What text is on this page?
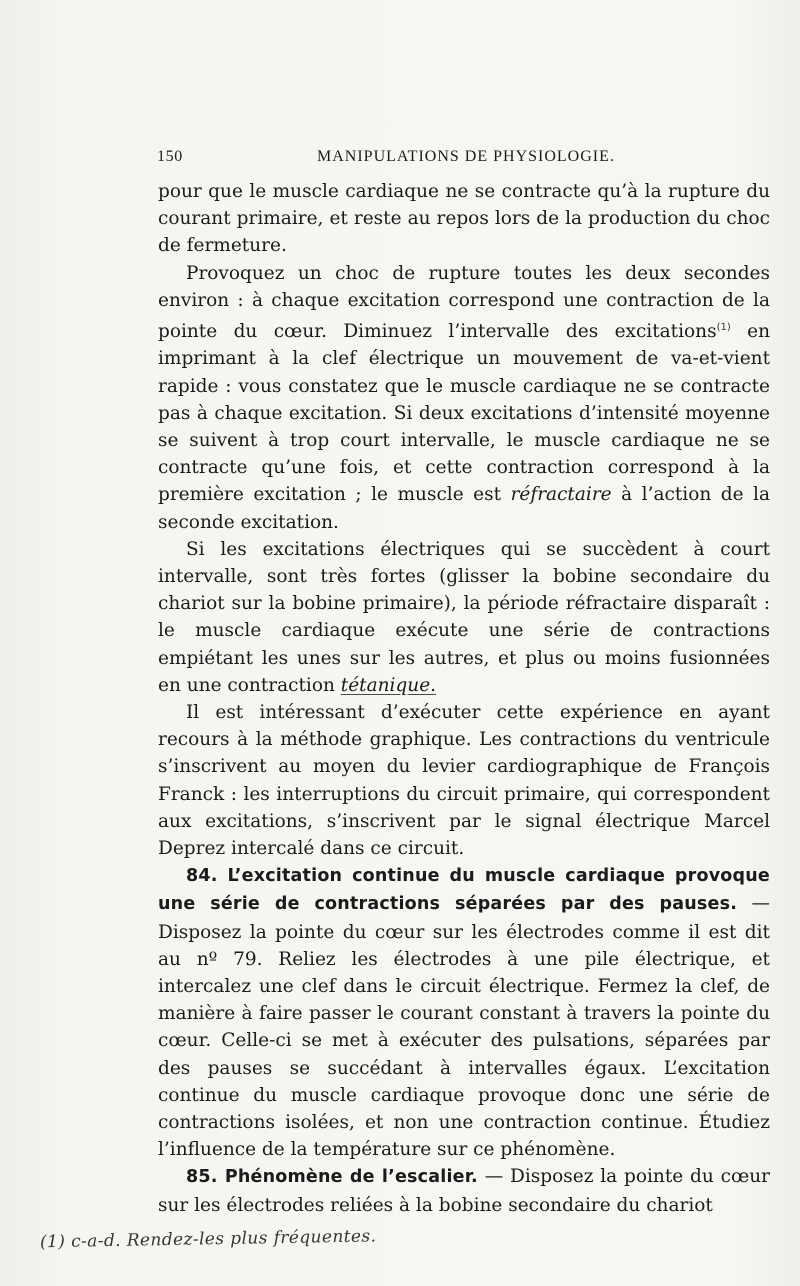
150	MANIPULATIONS DE PHYSIOLOGIE.

pour que le muscle cardiaque ne se contracte qu’à la rupture du courant primaire, et reste au repos lors de la production du choc de fermeture.

Provoquez un choc de rupture toutes les deux secondes environ : à chaque excitation correspond une contraction de la pointe du cœur. Diminuez l’intervalle des excitations$^{(1)}$ en imprimant à la clef électrique un mouvement de va-et-vient rapide : vous constatez que le muscle cardiaque ne se contracte pas à chaque excitation. Si deux excitations d’intensité moyenne se suivent à trop court intervalle, le muscle cardiaque ne se contracte qu’une fois, et cette contraction correspond à la première excitation ; le muscle est réfractaire à l’action de la seconde excitation.

Si les excitations électriques qui se succèdent à court intervalle, sont très fortes (glisser la bobine secondaire du chariot sur la bobine primaire), la période réfractaire disparaît : le muscle cardiaque exécute une série de contractions empiétant les unes sur les autres, et plus ou moins fusionnées en une contraction tétanique.

Il est intéressant d’exécuter cette expérience en ayant recours à la méthode graphique. Les contractions du ventricule s’inscrivent au moyen du levier cardiographique de François Franck : les interruptions du circuit primaire, qui correspondent aux excitations, s’inscrivent par le signal électrique Marcel Deprez intercalé dans ce circuit.

84. L’excitation continue du muscle cardiaque provoque une série de contractions séparées par des pauses. — Disposez la pointe du cœur sur les électrodes comme il est dit au nº 79. Reliez les électrodes à une pile électrique, et intercalez une clef dans le circuit électrique. Fermez la clef, de manière à faire passer le courant constant à travers la pointe du cœur. Celle-ci se met à exécuter des pulsations, séparées par des pauses se succédant à intervalles égaux. L’excitation continue du muscle cardiaque provoque donc une série de contractions isolées, et non une contraction continue. Étudiez l’influence de la température sur ce phénomène.

85. Phénomène de l’escalier. — Disposez la pointe du cœur sur les électrodes reliées à la bobine secondaire du chariot

(1) c-a-d. Rendez-les plus fréquentes.
